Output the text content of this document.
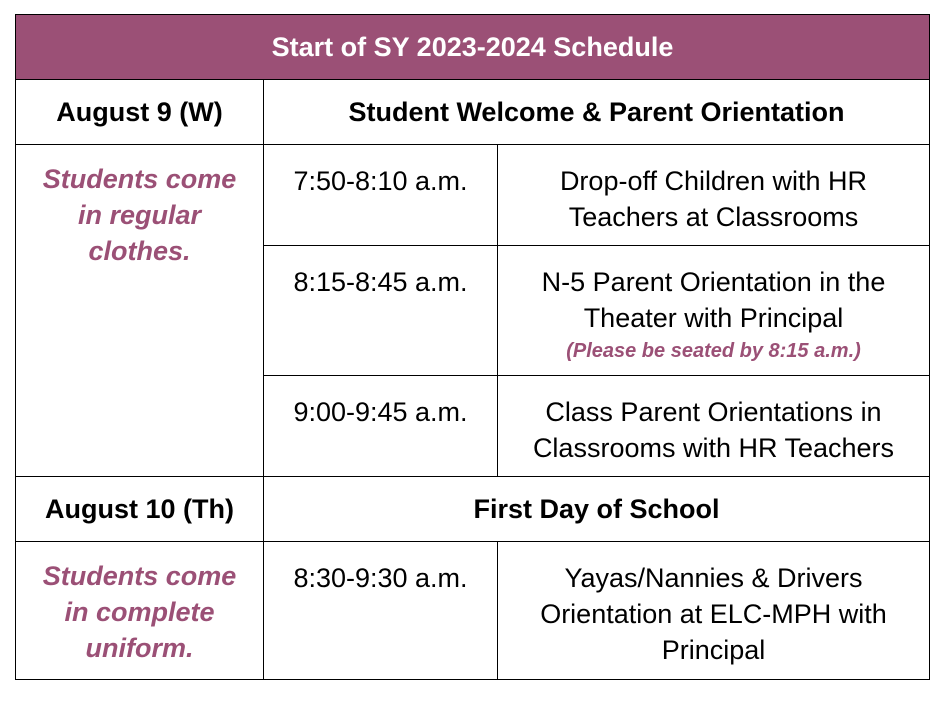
Start of SY 2023-2024 Schedule		
August 9 (W)	Student Welcome & Parent Orientation	

Students come
in regular
clothes.	7:50-8:10 a.m.	Drop-off Children with HR
Teachers at Classrooms

	8:15-8:45 a.m.	N-5 Parent Orientation in the
Theater with Principal
(Please be seated by 8:15 a.m.)

	9:00-9:45 a.m.	Class Parent Orientations in
Classrooms with HR Teachers

August 10 (Th)	First Day of School	

Students come
in complete
uniform.	8:30-9:30 a.m.	Yayas/Nannies & Drivers
Orientation at ELC-MPH with
Principal
